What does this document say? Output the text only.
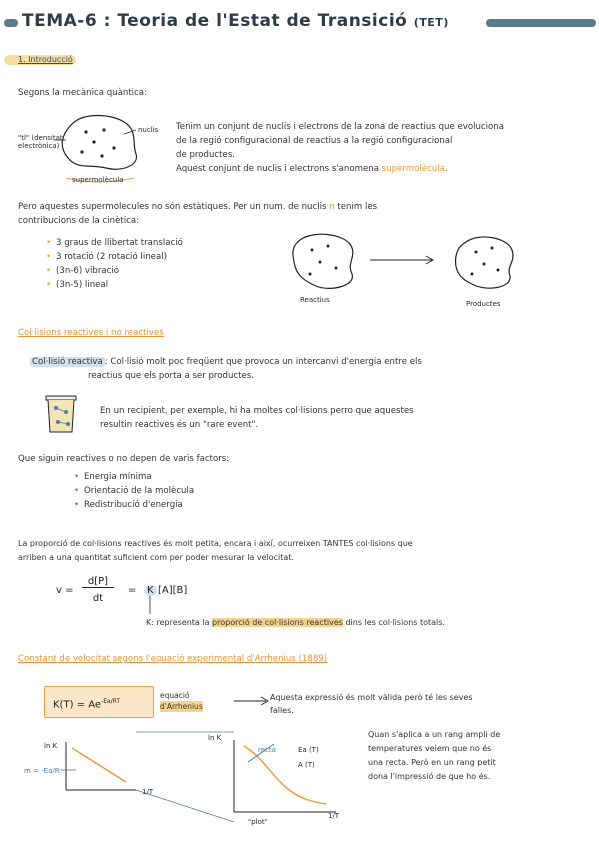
TEMA-6 : Teoria de l'Estat de Transició (TET)
1. Introducció
Segons la mecànica quàntica:
nuclis
"tl" (densitat electrònica)
supermolècula
Tenim un conjunt de nuclis i electrons de la zona de reactius que evoluciona
de la regió configuracional de reactius a la regió configuracional
de productes.
Aquest conjunt de nuclis i electrons s'anomena supermolècula.
Pero aquestes supermolecules no són estàtiques. Per un num. de nuclis n tenim les
contribucions de la cinètica:
• 3 graus de llibertat translació
• 3 rotació (2 rotació lineal)
• (3n-6) vibració
• (3n-5) lineal
Reactius	Productes
Col·lisions reactives i no reactives
Col·lisió reactiva : Col·lisió molt poc freqüent que provoca un intercanvi d'energia entre els
reactius que els porta a ser productes.
En un recipient, per exemple, hi ha moltes col·lisions perro que aquestes
resultin reactives és un "rare event".
Que siguin reactives o no depen de varis factors:
• Energia mínima
• Orientació de la molècula
• Redistribució d'energia
La proporció de col·lisions reactives és molt petita, encara i així, ocurreixen TANTES col·lisions que
arriben a una quantitat suficient com per poder mesurar la velocitat.
v =
d[P]
dt
=	K [A][B]
K: representa la proporció de col·lisions reactives dins les col·lisions totals.
Constant de velocitat segons l'equació experimental d'Arrhenius (1889)
$K(T) = Ae^{-Ea/RT}$
equació
d'Arrhenius
Aquesta expressió és molt vàlida però té les seves
falles.
ln K
m = -Ea/R
1/T
ln K
recta	Ea (T)
A (T)
1/T
"plot"
Quan s'aplica a un rang ampli de
temperatures veiem que no és
una recta. Però en un rang petit
dona l'impressió de que ho és.
